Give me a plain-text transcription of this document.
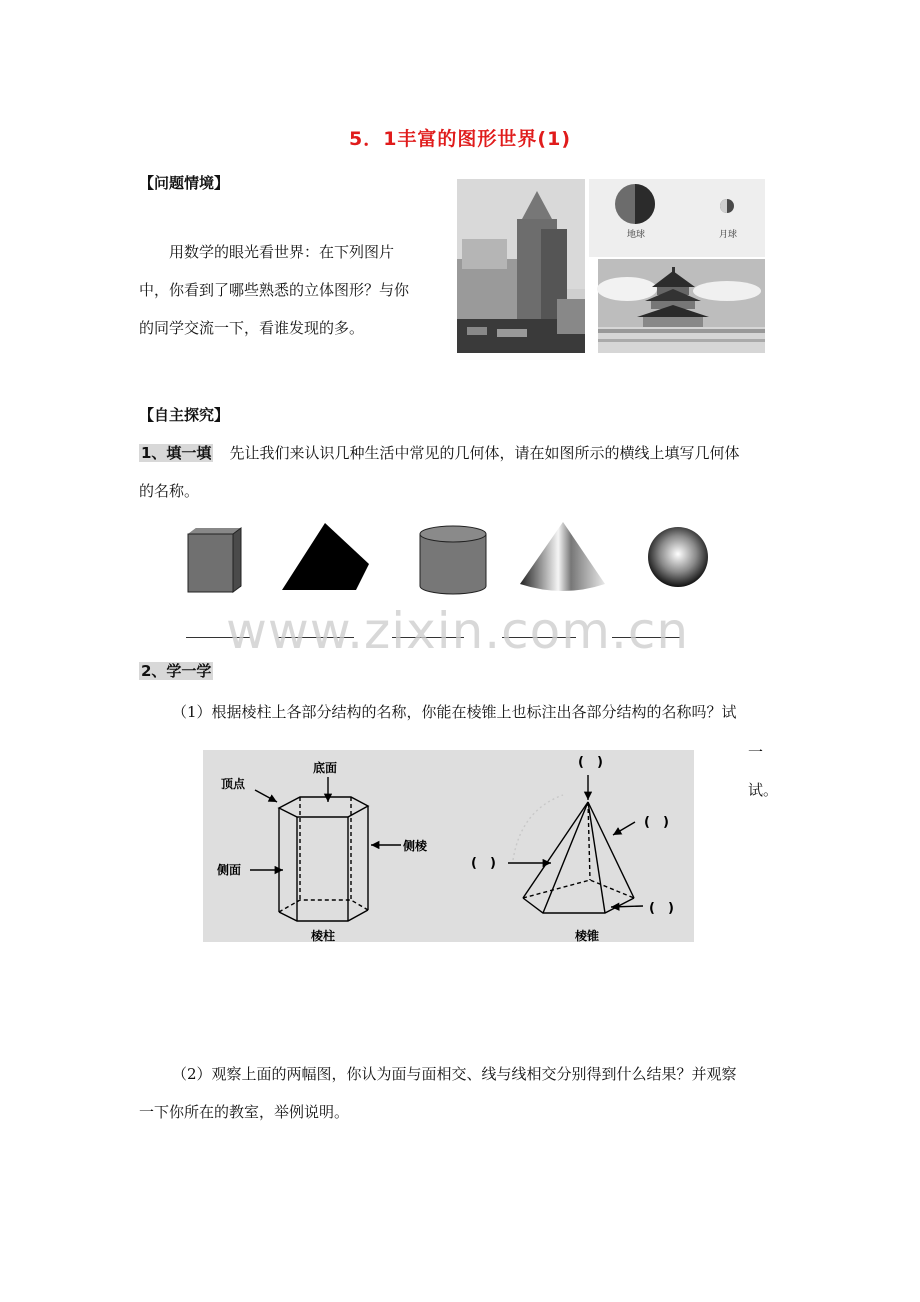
5．1丰富的图形世界(1)
【问题情境】
用数学的眼光看世界：在下列图片
中，你看到了哪些熟悉的立体图形？与你
的同学交流一下，看谁发现的多。
地球	月球
【自主探究】
1、填一填 先让我们来认识几种生活中常见的几何体，请在如图所示的横线上填写几何体
的名称。
www.zixin.com.cn
2、学一学
（1）根据棱柱上各部分结构的名称，你能在棱锥上也标注出各部分结构的名称吗？试
一
试。
底面
顶点
侧棱
侧面
棱柱
(　)
(　)
(　)
(　)
棱锥
（2）观察上面的两幅图，你认为面与面相交、线与线相交分别得到什么结果？并观察
一下你所在的教室，举例说明。
